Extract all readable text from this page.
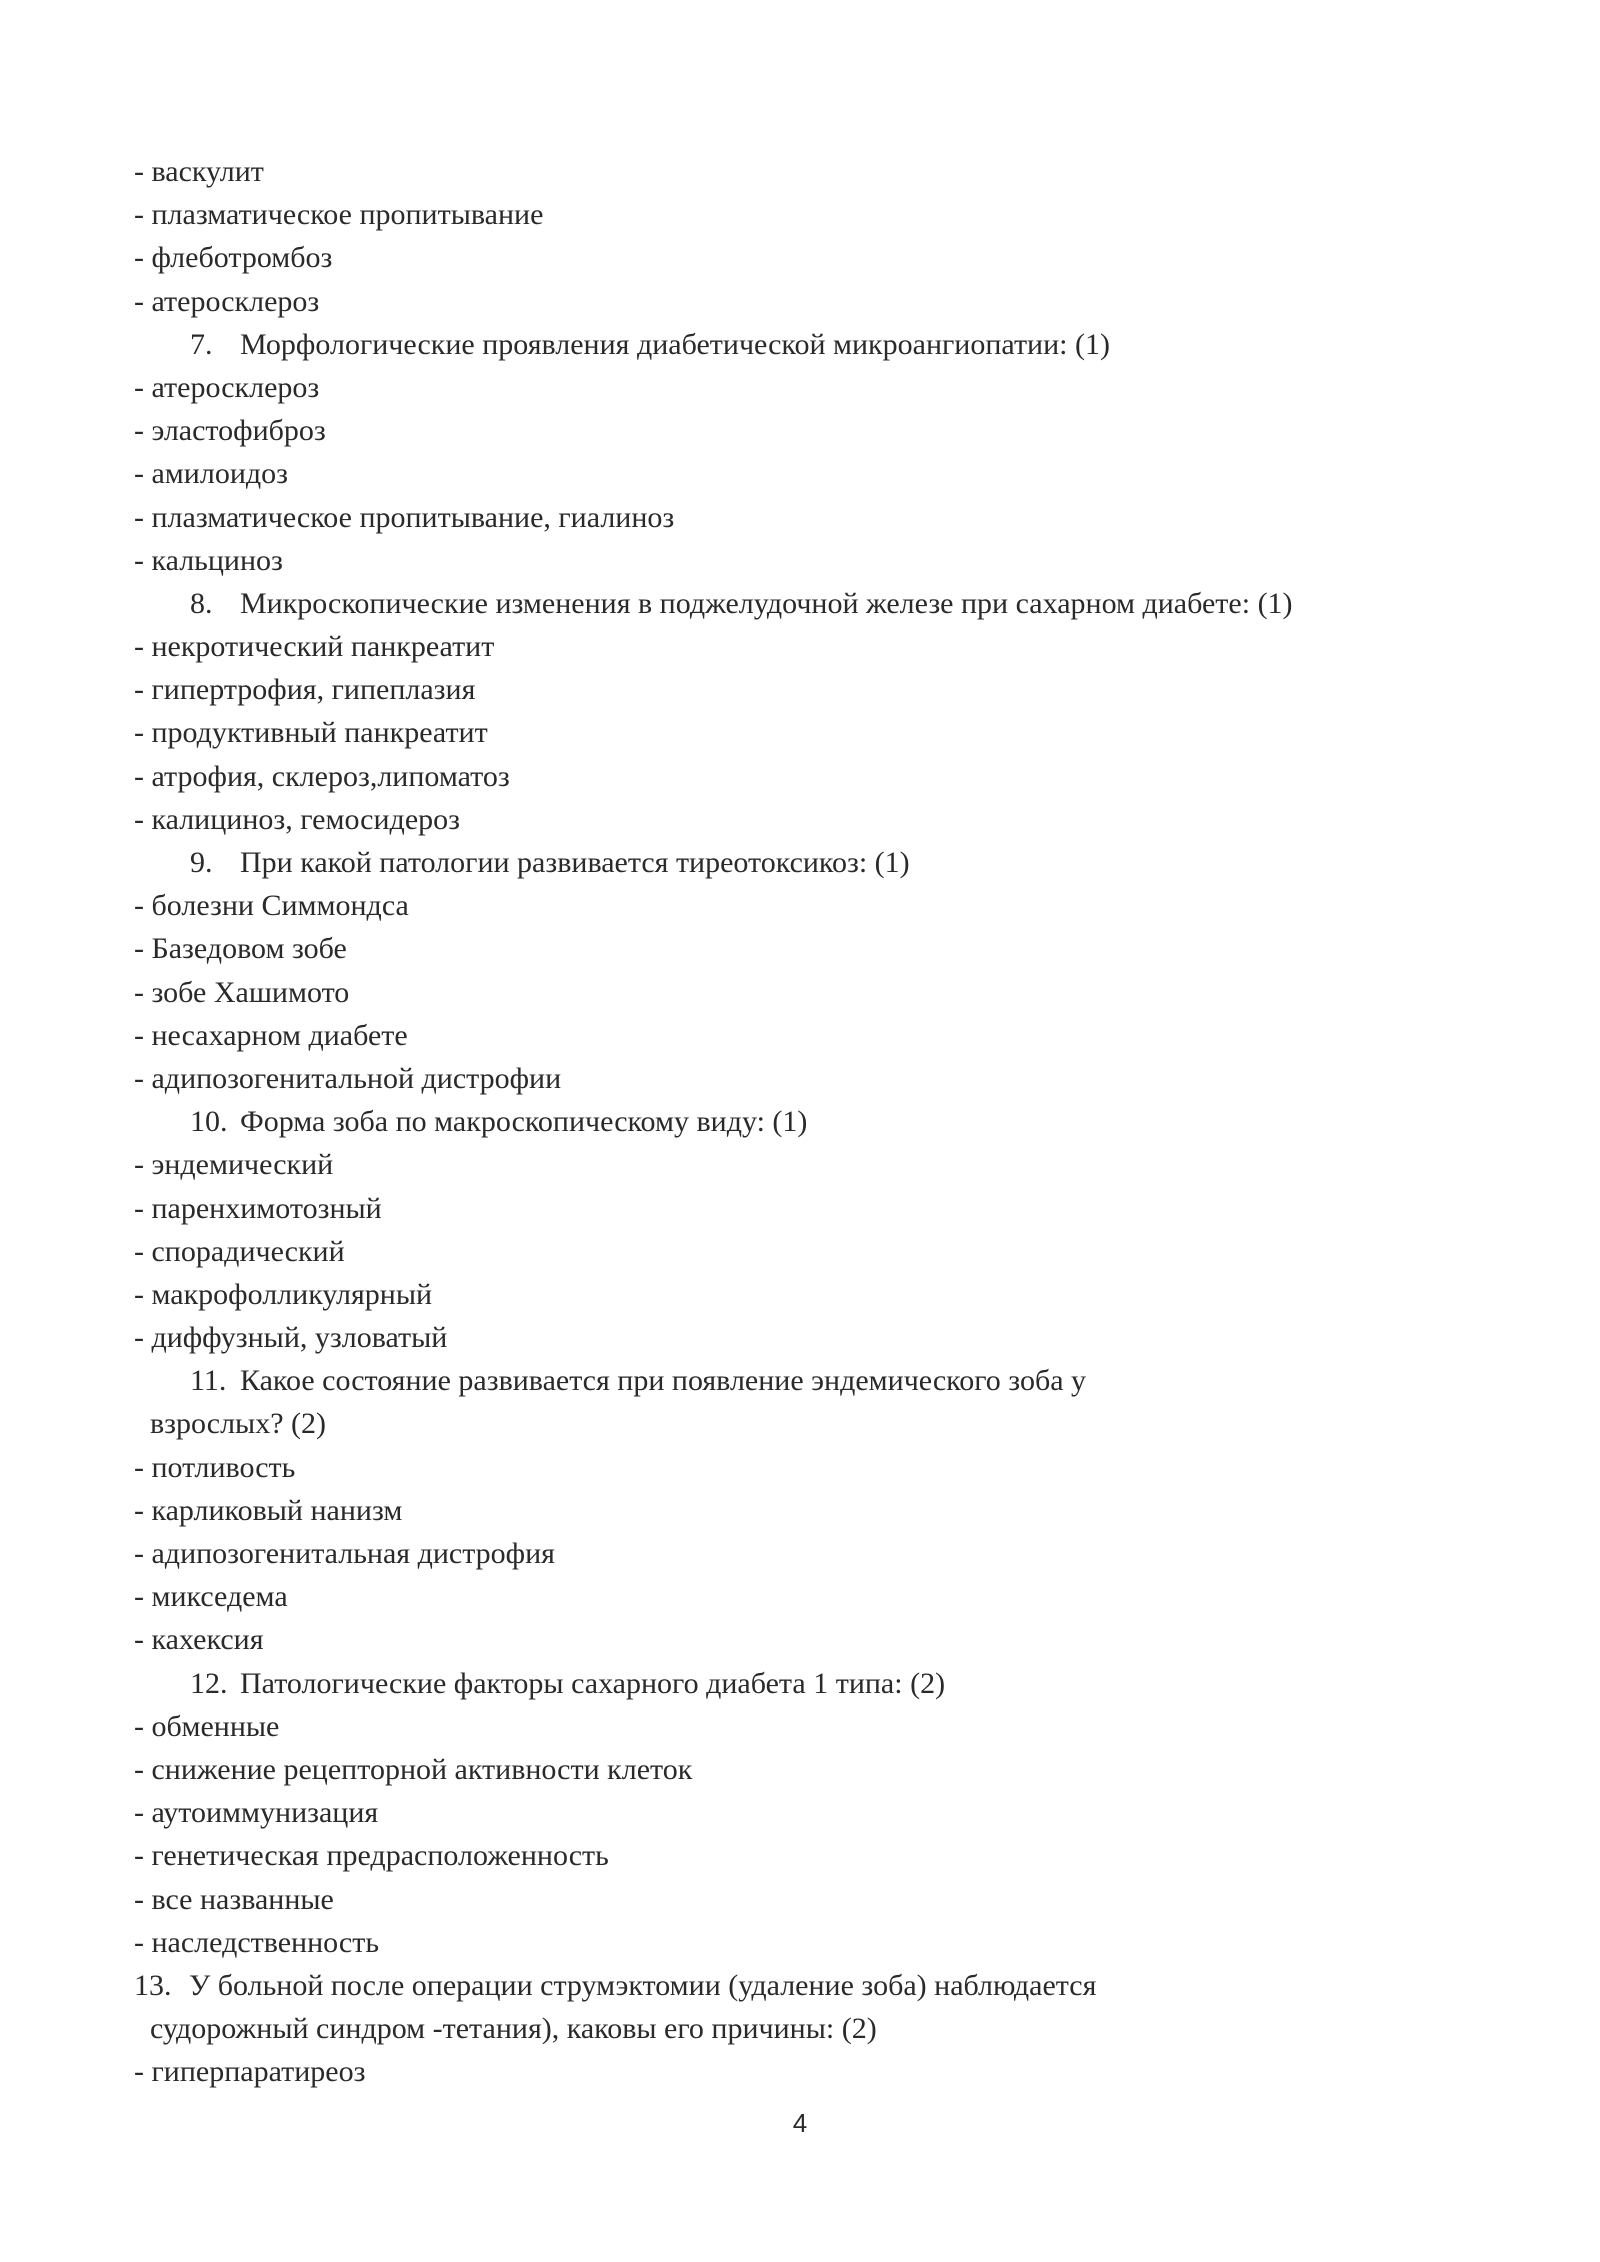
- васкулит
- плазматическое пропитывание
- флеботромбоз
- атеросклероз
7. Морфологические проявления диабетической микроангиопатии: (1)
- атеросклероз
- эластофиброз
- амилоидоз
- плазматическое пропитывание, гиалиноз
- кальциноз
8. Микроскопические изменения в поджелудочной железе при сахарном диабете: (1)
- некротический панкреатит
- гипертрофия, гипеплазия
- продуктивный панкреатит
- атрофия, склероз,липоматоз
- калициноз, гемосидероз
9. При какой патологии развивается тиреотоксикоз: (1)
- болезни Симмондса
- Базедовом зобе
- зобе Хашимото
- несахарном диабете
- адипозогенитальной дистрофии
10. Форма зоба по макроскопическому виду: (1)
- эндемический
- паренхимотозный
- спорадический
- макрофолликулярный
- диффузный, узловатый
11. Какое состояние развивается при появление эндемического зоба у
взрослых? (2)
- потливость
- карликовый нанизм
- адипозогенитальная дистрофия
- микседема
- кахексия
12. Патологические факторы сахарного диабета 1 типа: (2)
- обменные
- снижение рецепторной активности клеток
- аутоиммунизация
- генетическая предрасположенность
- все названные
- наследственность
13. У больной после операции струмэктомии (удаление зоба) наблюдается
судорожный синдром -тетания), каковы его причины: (2)
- гиперпаратиреоз
4
